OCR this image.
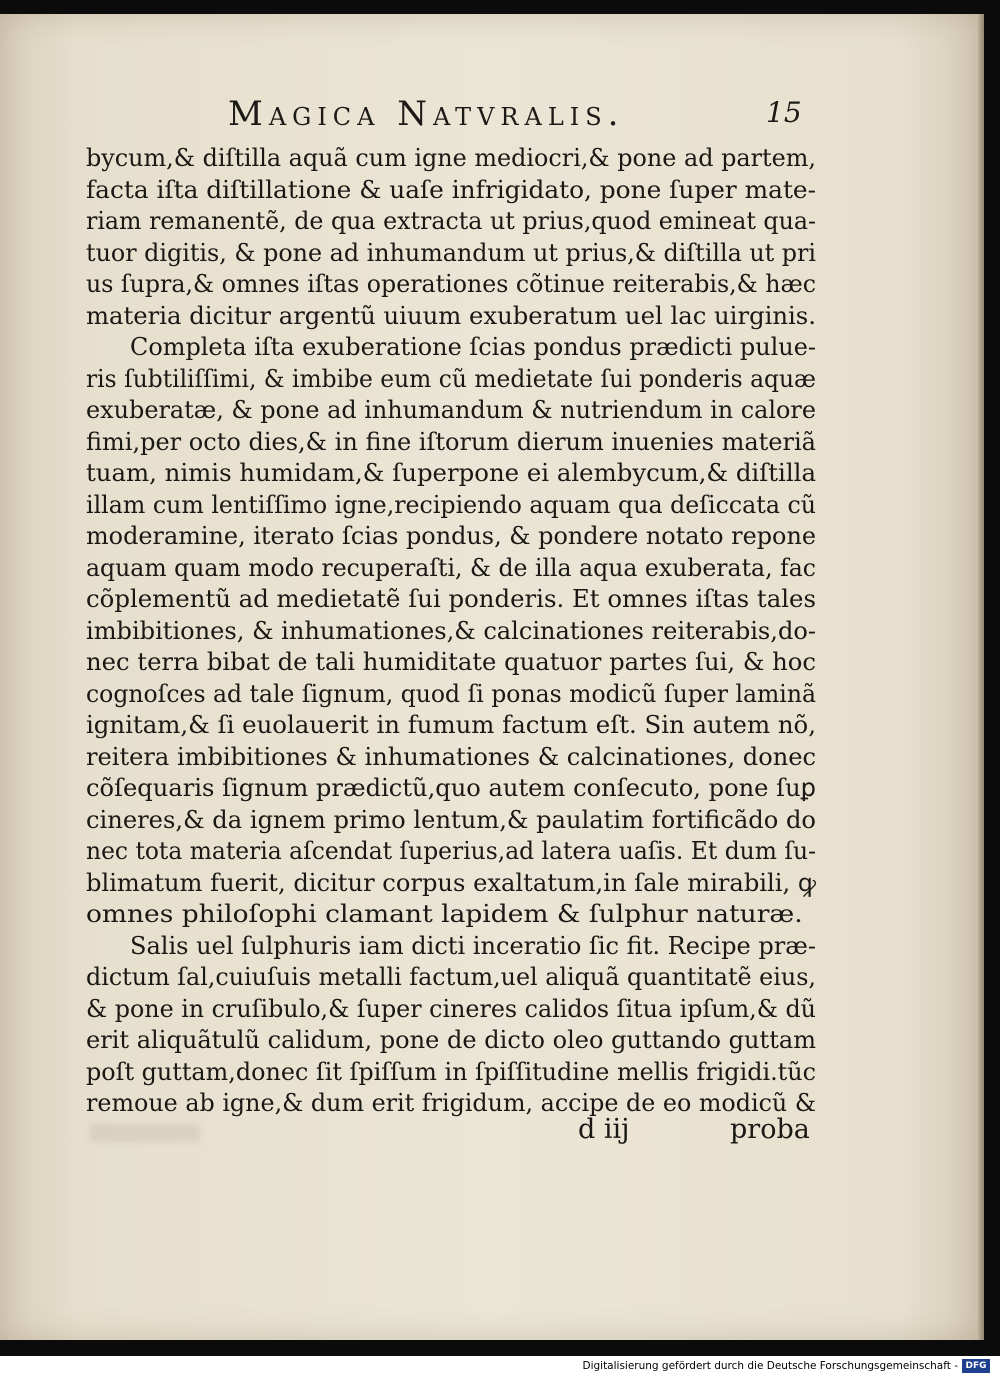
Magica Natvralis.	15
bycum,& diſtilla aquã cum igne mediocri,& pone ad partem,
facta iſta diſtillatione & uaſe infrigidato, pone ſuper mate-
riam remanentẽ, de qua extracta ut prius,quod emineat qua-
tuor digitis, & pone ad inhumandum ut prius,& diſtilla ut pri
us ſupra,& omnes iſtas operationes cõtinue reiterabis,& hæc
materia dicitur argentũ uiuum exuberatum uel lac uirginis.
Completa iſta exuberatione ſcias pondus prædicti pulue-
ris ſubtiliſſimi, & imbibe eum cũ medietate ſui ponderis aquæ
exuberatæ, & pone ad inhumandum & nutriendum in calore
fimi,per octo dies,& in fine iſtorum dierum inuenies materiã
tuam, nimis humidam,& ſuperpone ei alembycum,& diſtilla
illam cum lentiſſimo igne,recipiendo aquam qua deſiccata cũ
moderamine, iterato ſcias pondus, & pondere notato repone
aquam quam modo recuperaſti, & de illa aqua exuberata, fac
cõplementũ ad medietatẽ ſui ponderis. Et omnes iſtas tales
imbibitiones, & inhumationes,& calcinationes reiterabis,do-
nec terra bibat de tali humiditate quatuor partes ſui, & hoc
cognoſces ad tale ſignum, quod ſi ponas modicũ ſuper laminã
ignitam,& ſi euolauerit in fumum factum eſt. Sin autem nõ,
reitera imbibitiones & inhumationes & calcinationes, donec
cõſequaris ſignum prædictũ,quo autem conſecuto, pone ſuꝑ
cineres,& da ignem primo lentum,& paulatim fortificãdo do
nec tota materia aſcendat ſuperius,ad latera uaſis. Et dum ſu-
blimatum fuerit, dicitur corpus exaltatum,in ſale mirabili, ꝙ
omnes philoſophi clamant lapidem & ſulphur naturæ.
Salis uel ſulphuris iam dicti inceratio ſic fit. Recipe præ-
dictum ſal,cuiuſuis metalli factum,uel aliquã quantitatẽ eius,
& pone in cruſibulo,& ſuper cineres calidos ſitua ipſum,& dũ
erit aliquãtulũ calidum, pone de dicto oleo guttando guttam
poſt guttam,donec ſit ſpiſſum in ſpiſſitudine mellis frigidi.tũc
remoue ab igne,& dum erit frigidum, accipe de eo modicũ &
d iij	proba
Digitalisierung gefördert durch die Deutsche Forschungsgemeinschaft - DFG
